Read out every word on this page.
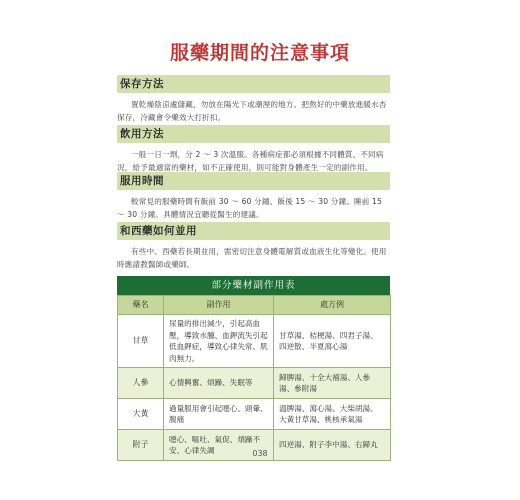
服藥期間的注意事項
保存方法
置乾燥陰涼處儲藏，勿放在陽光下或潮溼的地方。把熬好的中藥放進暖水杏保存，冷藏會令藥效大打折扣。
飲用方法
一般一日一劑，分 2 ～ 3 次溫服。各種病症都必須根據不同體質、不同病況，給予最適當的藥材，如不正確使用，則可能對身體產生一定的副作用。
服用時間
較常見的服藥時間有飯前 30 ～ 60 分鐘、飯後 15 ～ 30 分鐘、睡前 15 ～ 30 分鐘。具體情況宜聽從醫生的建議。
和西藥如何並用
有些中、西藥若長期並用，需密切注意身體電解質或血液生化等變化。使用時應請教醫師或藥師。
部分藥材副作用表
藥名	副作用	處方例
甘草	尿量的排出減少，引起高血壓，導致水腫、血鉀流失引起低血鉀症，導致心律失常、肌肉無力。	甘草湯、桔梗湯、四君子湯、四逆散、半夏瀉心湯
人參	心情興奮、煩躁、失眠等	歸脾湯、十全大補湯、人參湯、參附湯
大黃	過量服用會引起噁心、頭暈、腹痛	溫脾湯、瀉心湯、大柴胡湯、大黃甘草湯、桃核承氣湯
附子	噁心、嘔吐、氣促、煩躁不安、心律失調	四逆湯、附子李中湯、右歸丸
038
